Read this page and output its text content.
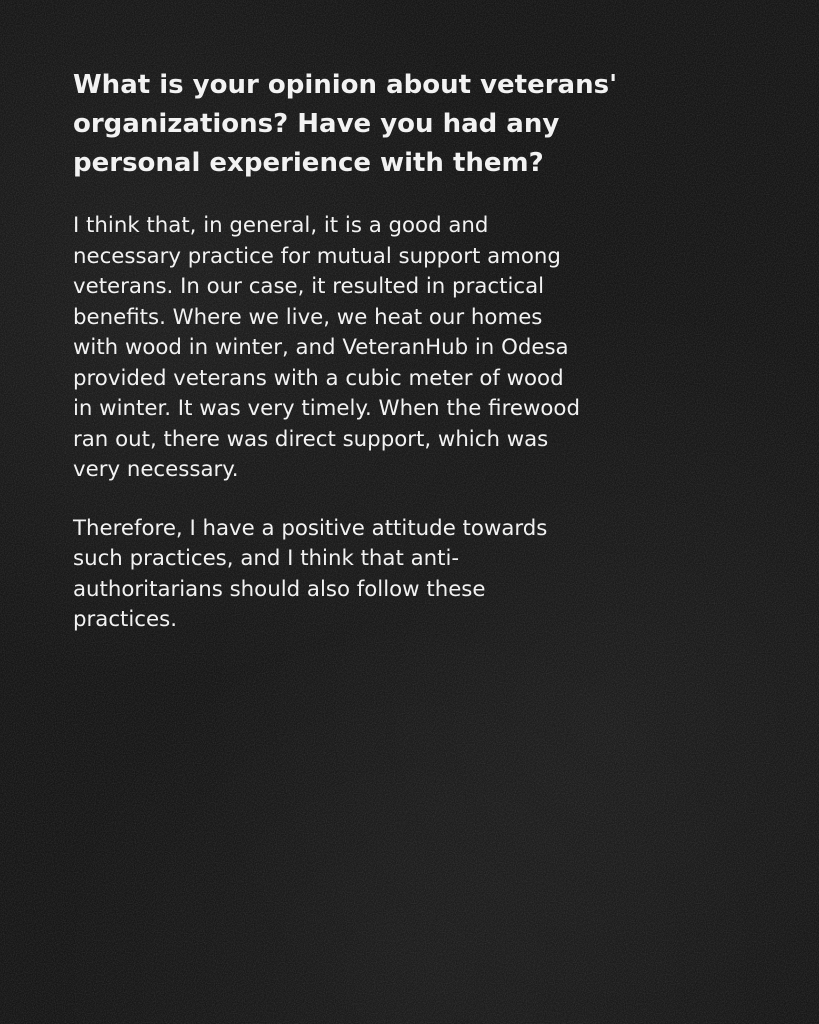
What is your opinion about veterans'
organizations? Have you had any
personal experience with them?

I think that, in general, it is a good and
necessary practice for mutual support among
veterans. In our case, it resulted in practical
benefits. Where we live, we heat our homes
with wood in winter, and VeteranHub in Odesa
provided veterans with a cubic meter of wood
in winter. It was very timely. When the firewood
ran out, there was direct support, which was
very necessary.

Therefore, I have a positive attitude towards
such practices, and I think that anti-
authoritarians should also follow these
practices.
